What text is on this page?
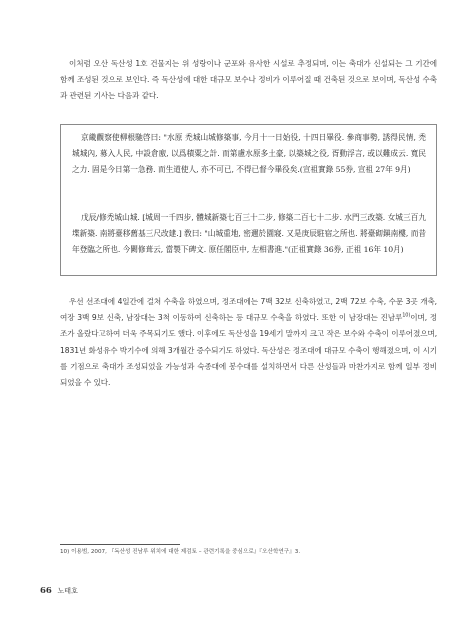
이처럼 오산 독산성 1호 건물지는 위 성랑이나 군포와 유사한 시설로 추정되며, 이는 축대가 신설되는 그 기간에 함께 조성된 것으로 보인다. 즉 독산성에 대한 대규모 보수나 정비가 이루어질 때 건축된 것으로 보이며, 독산성 수축과 관련된 기사는 다음과 같다.

京畿觀察使柳根馳啓曰: "水原 禿城山城修築事, 今月十一日始役, 十四日畢役. 參商事勢, 誘得民情, 禿城城內, 募入人民, 中設倉廒, 以爲積粟之計. 而第慮水原多土豪, 以築城之役, 胥動浮言, 或以難成云. 寬民之力. 固是今日第一急務. 而生道使人, 亦不可已, 不得已督今畢役矣.(宣祖實錄 55券, 宣祖 27年 9月)

戊辰/修禿城山城. [城周一千四步, 體城新築七百三十二步, 修築二百七十二步. 水門三改築. 女城三百九堞新築. 南將臺移舊基三尺改建.] 敎曰: "山城重地, 密邇於園寢. 又是庚辰駐宿之所也. 將臺砌鎭南樓, 而昔年登臨之所也. 今闕修葺云, 當製下碑文. 原任閣臣中, 左相書進."(正祖實錄 36券, 正祖 16年 10月)

우선 선조대에 4일간에 걸쳐 수축을 하였으며, 정조대에는 7백 32보 신축하였고, 2백 72보 수축, 수문 3곳 개축, 여장 3백 9보 신축, 남장대는 3척 이동하여 신축하는 등 대규모 수축을 하였다. 또한 이 남장대는 진남루$^{10)}$이며, 정조가 올랐다고하여 더욱 주목되기도 했다. 이후에도 독산성을 19세기 말까지 크고 작은 보수와 수축이 이루어졌으며, 1831년 화성유수 박기수에 의해 3개월간 증수되기도 하였다. 독산성은 정조대에 대규모 수축이 행해졌으며, 이 시기를 기점으로 축대가 조성되었을 가능성과 숙종대에 봉수대를 설치하면서 다른 산성들과 마찬가지로 함께 일부 정비되었을 수 있다.

10) 이용범, 2007, 『독산성 진남루 위치에 대한 제검토 – 관련기록을 중심으로』『오산학연구』3.

66 노태호
